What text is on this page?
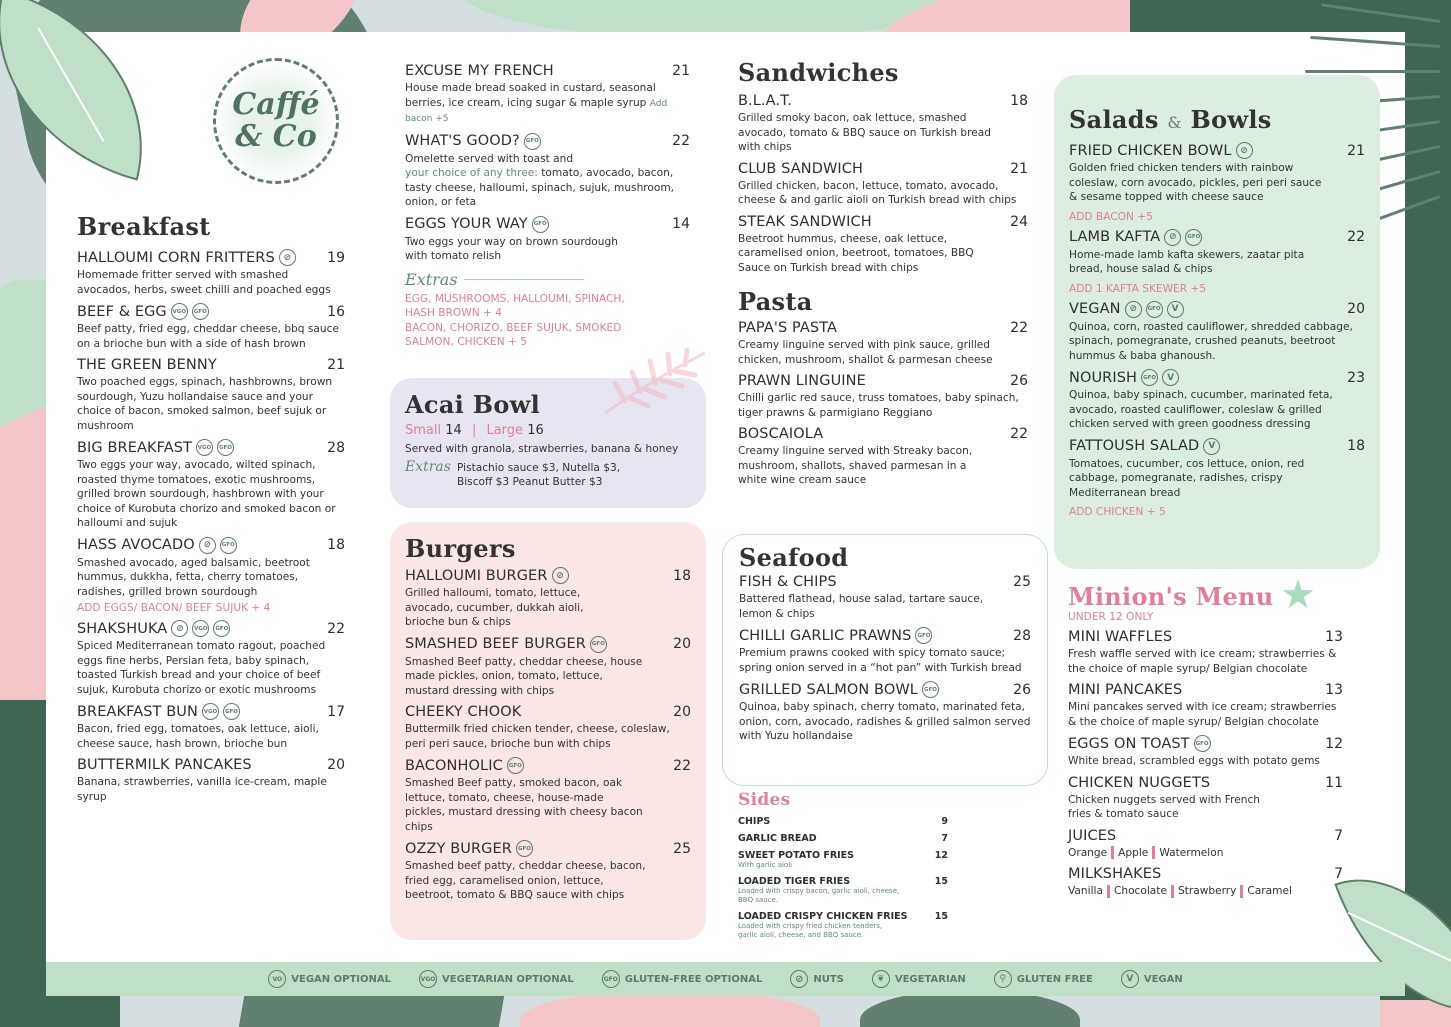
Caffé
& Co
Breakfast
HALLOUMI CORN FRITTERS ⊘	19
Homemade fritter served with smashed avocados, herbs, sweet chilli and poached eggs
BEEF & EGG	VGO	GFO	16
Beef patty, fried egg, cheddar cheese, bbq sauce on a brioche bun with a side of hash brown
THE GREEN BENNY	21
Two poached eggs, spinach, hashbrowns, brown sourdough, Yuzu hollandaise sauce and your choice of bacon, smoked salmon, beef sujuk or mushroom
BIG BREAKFAST	VGO	GFO	28
Two eggs your way, avocado, wilted spinach, roasted thyme tomatoes, exotic mushrooms, grilled brown sourdough, hashbrown with your choice of Kurobuta chorizo and smoked bacon or halloumi and sujuk
HASS AVOCADO ⊘	GFO	18
Smashed avocado, aged balsamic, beetroot hummus, dukkha, fetta, cherry tomatoes, radishes, grilled brown sourdough
ADD EGGS/ BACON/ BEEF SUJUK + 4
SHAKSHUKA ⊘	VGO	GFO	22
Spiced Mediterranean tomato ragout, poached eggs fine herbs, Persian feta, baby spinach, toasted Turkish bread and your choice of beef sujuk, Kurobuta chorizo or exotic mushrooms
BREAKFAST BUN	VGO	GFO	17
Bacon, fried egg, tomatoes, oak lettuce, aioli, cheese sauce, hash brown, brioche bun
BUTTERMILK PANCAKES	20
Banana, strawberries, vanilla ice-cream, maple syrup
EXCUSE MY FRENCH	21
House made bread soaked in custard, seasonal berries, ice cream, icing sugar & maple syrup Add bacon +5
WHAT'S GOOD?	GFO	22
Omelette served with toast and
your choice of any three: tomato, avocado, bacon, tasty cheese, halloumi, spinach, sujuk, mushroom, onion, or feta
EGGS YOUR WAY	GFO	14
Two eggs your way on brown sourdough with tomato relish
Extras
EGG, MUSHROOMS, HALLOUMI, SPINACH, HASH BROWN + 4
BACON, CHORIZO, BEEF SUJUK, SMOKED SALMON, CHICKEN + 5
Acai Bowl
Small 14 | Large 16
Served with granola, strawberries, banana & honey
Extras Pistachio sauce $3, Nutella $3, Biscoff $3 Peanut Butter $3
Burgers
HALLOUMI BURGER ⊘	18
Grilled halloumi, tomato, lettuce, avocado, cucumber, dukkah aioli, brioche bun & chips
SMASHED BEEF BURGER	GFO	20
Smashed Beef patty, cheddar cheese, house made pickles, onion, tomato, lettuce, mustard dressing with chips
CHEEKY CHOOK	20
Buttermilk fried chicken tender, cheese, coleslaw, peri peri sauce, brioche bun with chips
BACONHOLIC	GFO	22
Smashed Beef patty, smoked bacon, oak lettuce, tomato, cheese, house-made pickles, mustard dressing with cheesy bacon chips
OZZY BURGER	GFO	25
Smashed beef patty, cheddar cheese, bacon, fried egg, caramelised onion, lettuce, beetroot, tomato & BBQ sauce with chips
Sandwiches
B.L.A.T.	18
Grilled smoky bacon, oak lettuce, smashed avocado, tomato & BBQ sauce on Turkish bread with chips
CLUB SANDWICH	21
Grilled chicken, bacon, lettuce, tomato, avocado, cheese & and garlic aioli on Turkish bread with chips
STEAK SANDWICH	24
Beetroot hummus, cheese, oak lettuce, caramelised onion, beetroot, tomatoes, BBQ Sauce on Turkish bread with chips
Pasta
PAPA'S PASTA	22
Creamy linguine served with pink sauce, grilled chicken, mushroom, shallot & parmesan cheese
PRAWN LINGUINE	26
Chilli garlic red sauce, truss tomatoes, baby spinach, tiger prawns & parmigiano Reggiano
BOSCAIOLA	22
Creamy linguine served with Streaky bacon, mushroom, shallots, shaved parmesan in a white wine cream sauce
Seafood
FISH & CHIPS	25
Battered flathead, house salad, tartare sauce, lemon & chips
CHILLI GARLIC PRAWNS	GFO	28
Premium prawns cooked with spicy tomato sauce; spring onion served in a “hot pan” with Turkish bread
GRILLED SALMON BOWL	GFO	26
Quinoa, baby spinach, cherry tomato, marinated feta, onion, corn, avocado, radishes & grilled salmon served with Yuzu hollandaise
Sides
CHIPS	9
GARLIC BREAD	7
SWEET POTATO FRIES	12
With garlic aioli
LOADED TIGER FRIES	15
Loaded with crispy bacon, garlic aioli, cheese, BBQ sauce.
LOADED CRISPY CHICKEN FRIES	15
Loaded with crispy fried chicken tenders, garlic aioli, cheese, and BBQ sauce.
Salads & Bowls
FRIED CHICKEN BOWL ⊘	21
Golden fried chicken tenders with rainbow coleslaw, corn avocado, pickles, peri peri sauce & sesame topped with cheese sauce
ADD BACON +5
LAMB KAFTA ⊘	GFO	22
Home-made lamb kafta skewers, zaatar pita bread, house salad & chips
ADD 1 KAFTA SKEWER +5
VEGAN ⊘	GFO	V	20
Quinoa, corn, roasted cauliflower, shredded cabbage, spinach, pomegranate, crushed peanuts, beetroot hummus & baba ghanoush.
NOURISH	GFO	V	23
Quinoa, baby spinach, cucumber, marinated feta, avocado, roasted cauliflower, coleslaw & grilled chicken served with green goodness dressing
FATTOUSH SALAD	V	18
Tomatoes, cucumber, cos lettuce, onion, red cabbage, pomegranate, radishes, crispy Mediterranean bread
ADD CHICKEN + 5
★
Minion's Menu
UNDER 12 ONLY
MINI WAFFLES	13
Fresh waffle served with ice cream; strawberries & the choice of maple syrup/ Belgian chocolate
MINI PANCAKES	13
Mini pancakes served with ice cream; strawberries & the choice of maple syrup/ Belgian chocolate
EGGS ON TOAST	GFO	12
White bread, scrambled eggs with potato gems
CHICKEN NUGGETS	11
Chicken nuggets served with French fries & tomato sauce
JUICES	7
Orange Apple Watermelon
MILKSHAKES	7
Vanilla Chocolate Strawberry Caramel
VO VEGAN OPTIONAL	VGO VEGETARIAN OPTIONAL	GFO GLUTEN-FREE OPTIONAL	⊘ NUTS	❦	VEGETARIAN	⚲	GLUTEN FREE	V	VEGAN
